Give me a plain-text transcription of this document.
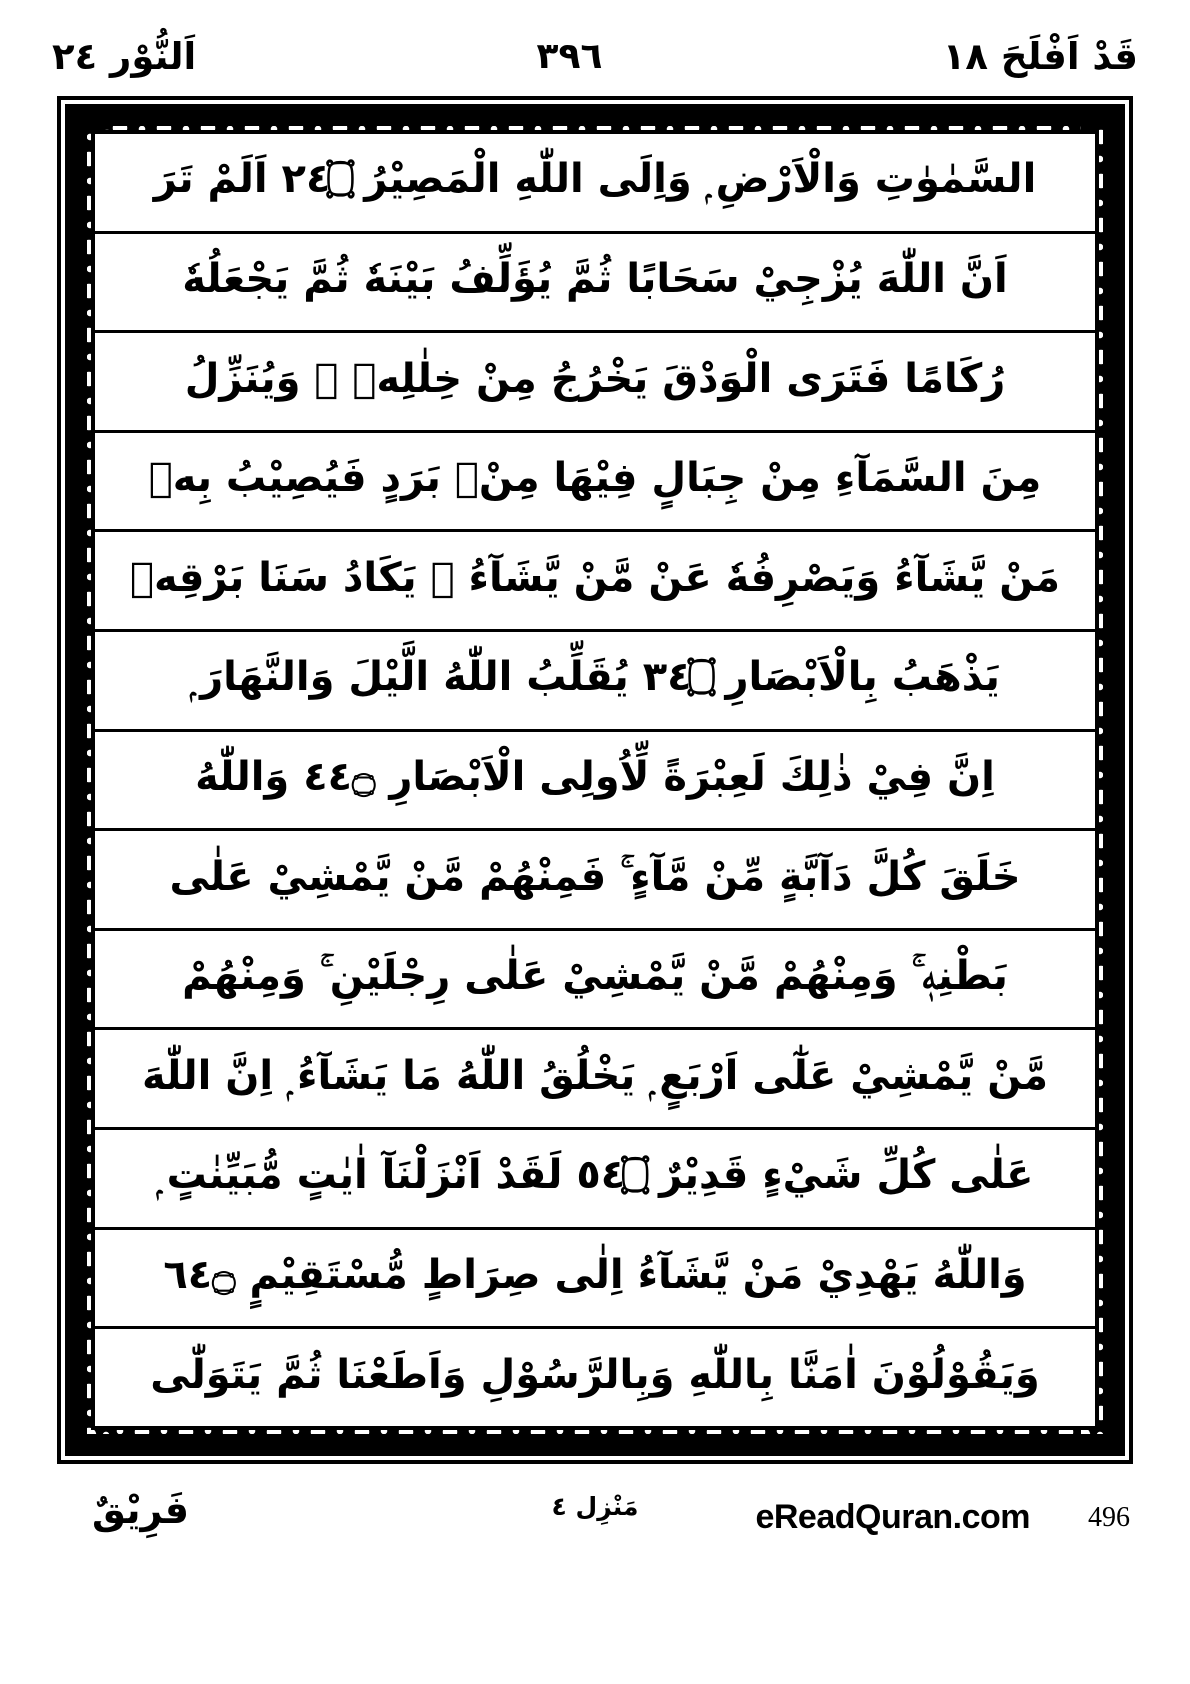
اَلنُّوْر ٢٤	٣٩٦	قَدْ اَفْلَحَ ١٨
السَّمٰوٰتِ وَالْاَرْضِ ۭ وَاِلَى اللّٰهِ الْمَصِيْرُ ۝٤٢ اَلَمْ تَرَ
اَنَّ اللّٰهَ يُزْجِيْ سَحَابًا ثُمَّ يُؤَلِّفُ بَيْنَهٗ ثُمَّ يَجْعَلُهٗ
رُكَامًا فَتَرَى الْوَدْقَ يَخْرُجُ مِنْ خِلٰلِهٖ ۚ وَيُنَزِّلُ
مِنَ السَّمَآءِ مِنْ جِبَالٍ فِيْهَا مِنْۢ بَرَدٍ فَيُصِيْبُ بِهٖ
مَنْ يَّشَآءُ وَيَصْرِفُهٗ عَنْ مَّنْ يَّشَآءُ ۭ يَكَادُ سَنَا بَرْقِهٖ
يَذْهَبُ بِالْاَبْصَارِ ۝٤٣ يُقَلِّبُ اللّٰهُ الَّيْلَ وَالنَّهَارَ ۭ
اِنَّ فِيْ ذٰلِكَ لَعِبْرَةً لِّاُولِى الْاَبْصَارِ ۝٤٤ وَاللّٰهُ
خَلَقَ كُلَّ دَآبَّةٍ مِّنْ مَّآءٍ ۚ فَمِنْهُمْ مَّنْ يَّمْشِيْ عَلٰى
بَطْنِهٖ ۚ وَمِنْهُمْ مَّنْ يَّمْشِيْ عَلٰى رِجْلَيْنِ ۚ وَمِنْهُمْ
مَّنْ يَّمْشِيْ عَلٰٓى اَرْبَعٍ ۭ يَخْلُقُ اللّٰهُ مَا يَشَآءُ ۭ اِنَّ اللّٰهَ
عَلٰى كُلِّ شَيْءٍ قَدِيْرٌ ۝٤٥ لَقَدْ اَنْزَلْنَآ اٰيٰتٍ مُّبَيِّنٰتٍ ۭ
وَاللّٰهُ يَهْدِيْ مَنْ يَّشَآءُ اِلٰى صِرَاطٍ مُّسْتَقِيْمٍ ۝٤٦
وَيَقُوْلُوْنَ اٰمَنَّا بِاللّٰهِ وَبِالرَّسُوْلِ وَاَطَعْنَا ثُمَّ يَتَوَلّٰى
فَرِيْقٌ	مَنْزِل ٤	eReadQuran.com 496
